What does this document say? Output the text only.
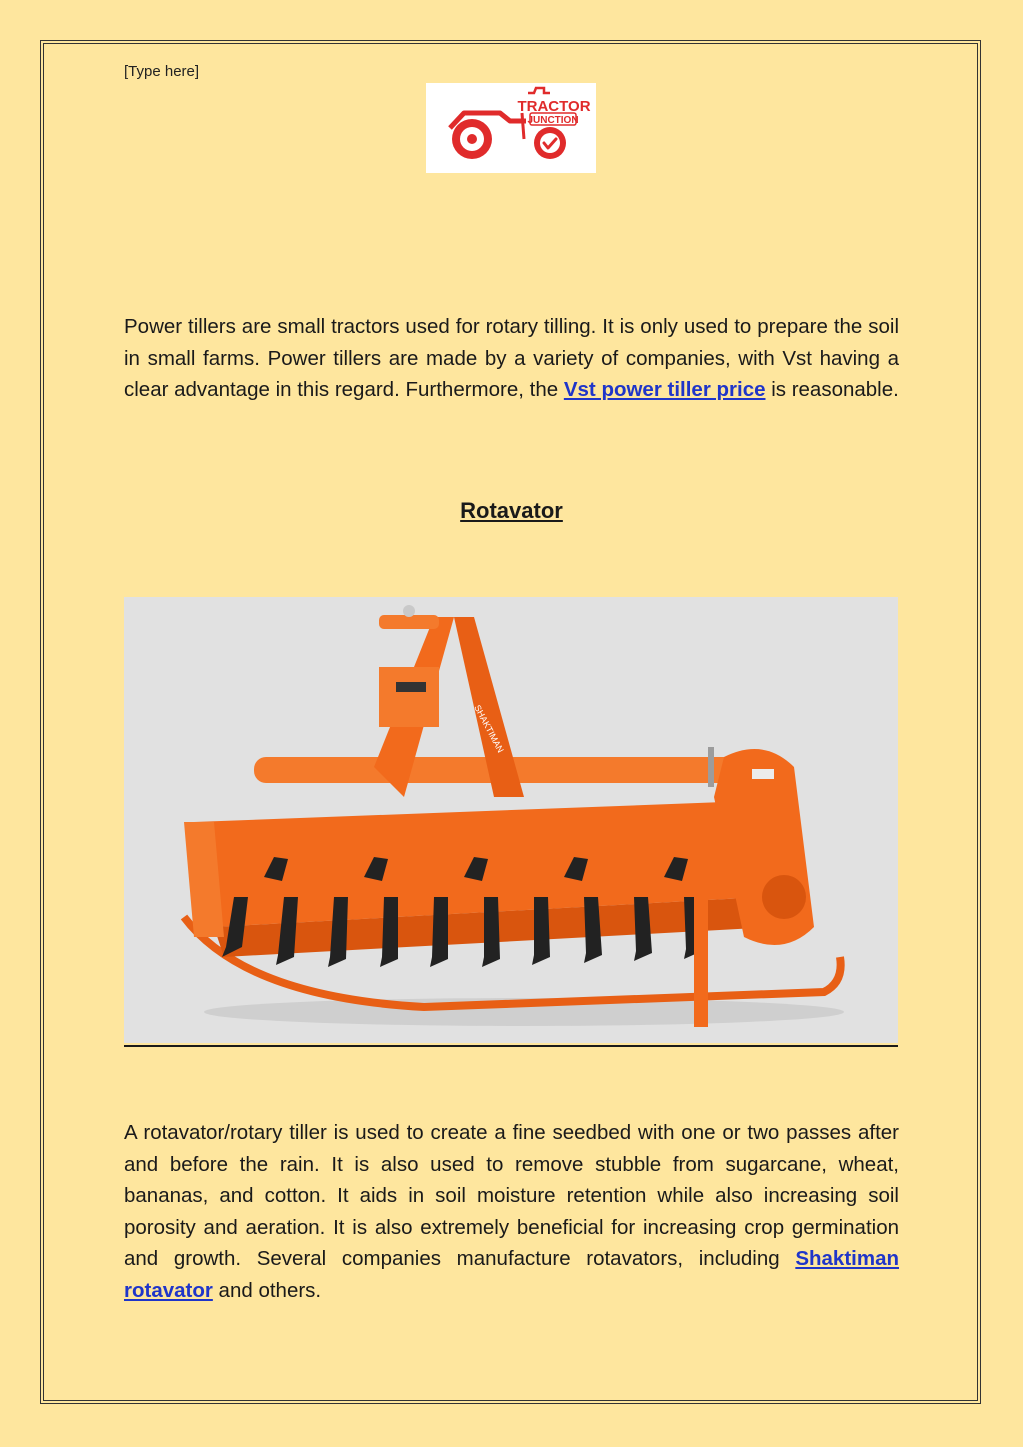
[Type here]
TRACTOR
JUNCTION
Power tillers are small tractors used for rotary tilling. It is only used to prepare the soil in small farms. Power tillers are made by a variety of companies, with Vst having a clear advantage in this regard. Furthermore, the Vst power tiller price is reasonable.
Rotavator
SHAKTIMAN
A rotavator/rotary tiller is used to create a fine seedbed with one or two passes after and before the rain. It is also used to remove stubble from sugarcane, wheat, bananas, and cotton. It aids in soil moisture retention while also increasing soil porosity and aeration. It is also extremely beneficial for increasing crop germination and growth. Several companies manufacture rotavators, including Shaktiman rotavator and others.
